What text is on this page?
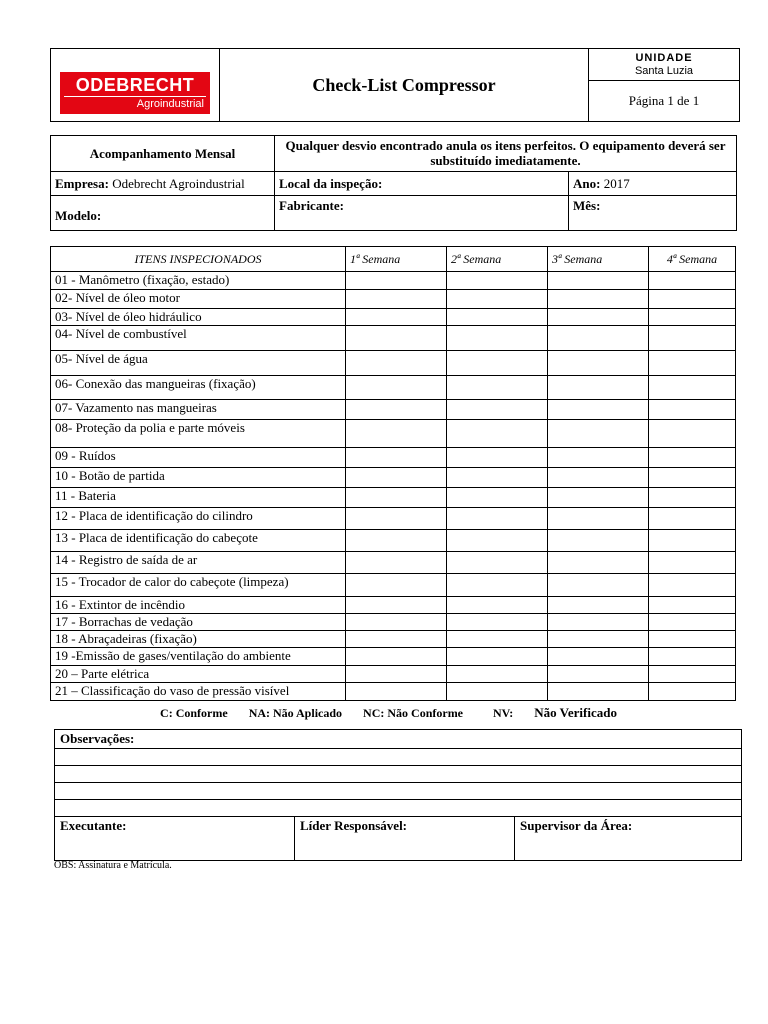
ODEBRECHT
Agroindustrial
	Check-List Compressor	
UNIDADE
Santa Luzia

Página 1 de 1
Acompanhamento Mensal	Qualquer desvio encontrado anula os itens perfeitos. O equipamento deverá ser substituído imediatamente.	
Empresa: Odebrecht Agroindustrial	Local da inspeção:	Ano: 2017
Modelo:	Fabricante:	Mês:
ITENS INSPECIONADOS	1ª Semana	2ª Semana	3ª Semana	4ª Semana
01 - Manômetro (fixação, estado)				
02- Nível de óleo motor				
03- Nível de óleo hidráulico				
04- Nível de combustível				
05- Nível de água				
06- Conexão das mangueiras (fixação)				
07- Vazamento nas mangueiras				
08- Proteção da polia e parte móveis				
09 - Ruídos				
10 - Botão de partida				
11 - Bateria				
12 - Placa de identificação do cilindro				
13 - Placa de identificação do cabeçote				
14 - Registro de saída de ar				
15 - Trocador de calor do cabeçote (limpeza)				
16 - Extintor de incêndio				
17 - Borrachas de vedação				
18 - Abraçadeiras (fixação)				
19 -Emissão de gases/ventilação do ambiente				
20 – Parte elétrica				
21 – Classificação do vaso de pressão visível				
C: Conforme NA: Não Aplicado NC: Não Conforme	NV: Não Verificado
Observações:

Executante:	Líder Responsável:	Supervisor da Área:
OBS: Assinatura e Matrícula.
